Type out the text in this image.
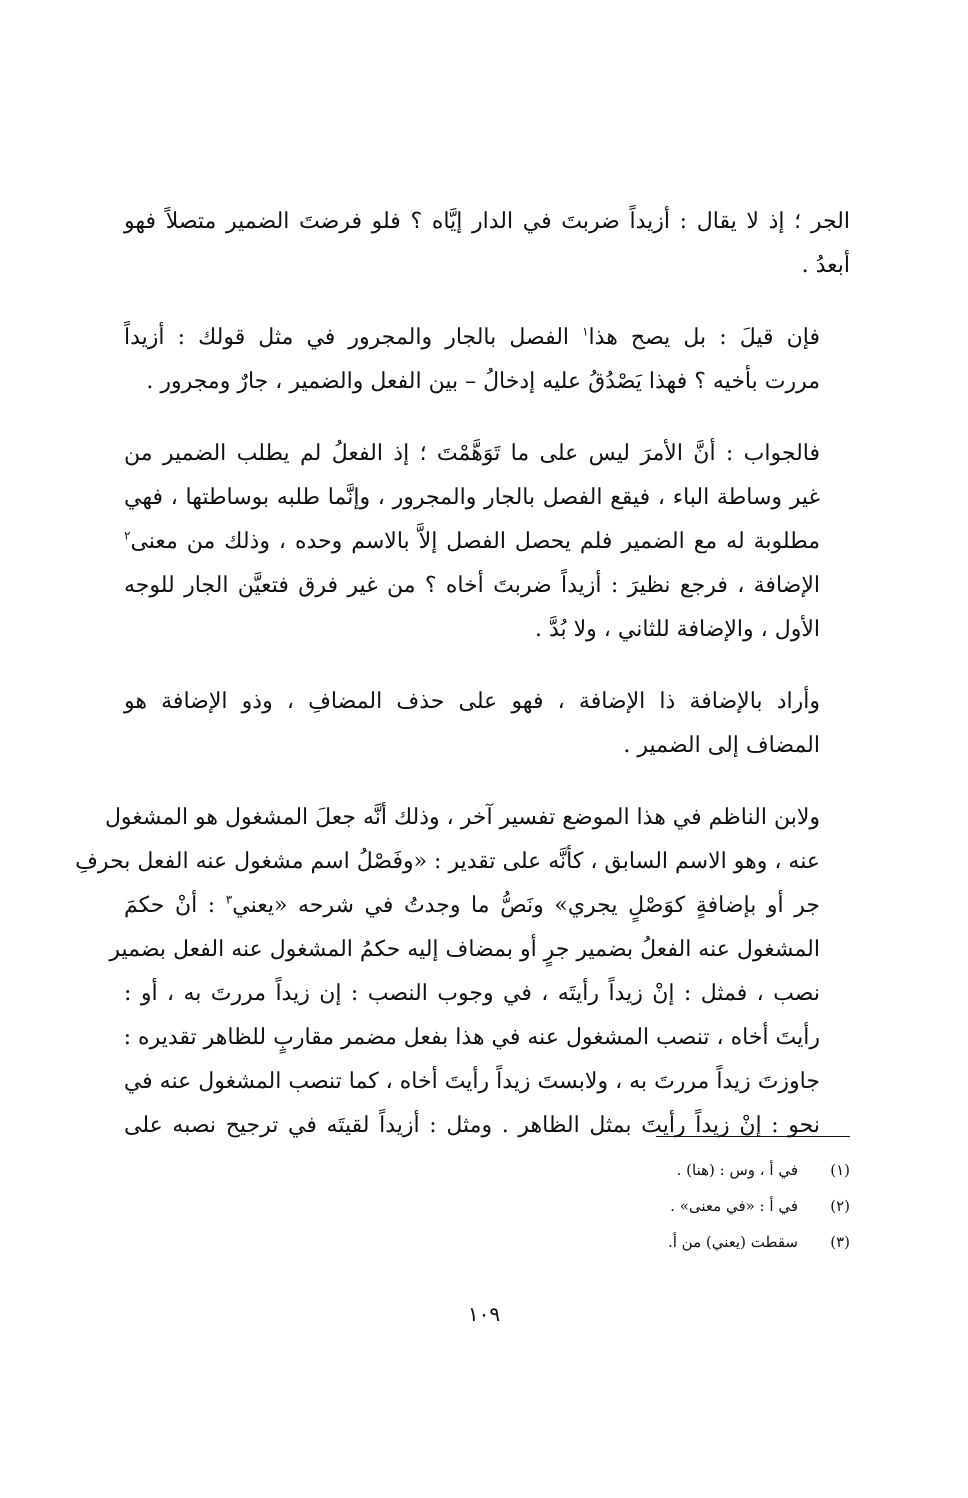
الجر ؛ إذ لا يقال : أزيداً ضربتَ في الدار إيَّاه ؟ فلو فرضتَ الضمير متصلاً فهو
أبعدُ .

فإن قيلَ : بل يصح هذا$^١$ الفصل بالجار والمجرور في مثل قولك : أزيداً
مررت بأخيه ؟ فهذا يَصْدُقُ عليه إدخالُ – بين الفعل والضمير ، جارٌ ومجرور .

فالجواب : أنَّ الأمرَ ليس على ما تَوَهَّمْتَ ؛ إذ الفعلُ لم يطلب الضمير من
غير وساطة الباء ، فيقع الفصل بالجار والمجرور ، وإنَّما طلبه بوساطتها ، فهي
مطلوبة له مع الضمير فلم يحصل الفصل إلاَّ بالاسم وحده ، وذلك من معنى$^٢$
الإضافة ، فرجع نظيرَ : أزيداً ضربتَ أخاه ؟ من غير فرق فتعيَّن الجار للوجه
الأول ، والإضافة للثاني ، ولا بُدَّ .

وأراد بالإضافة ذا الإضافة ، فهو على حذف المضافِ ، وذو الإضافة هو
المضاف إلى الضمير .

ولابن الناظم في هذا الموضع تفسير آخر ، وذلك أنَّه جعلَ المشغول هو المشغول
عنه ، وهو الاسم السابق ، كأنَّه على تقدير : «وفَصْلُ اسم مشغول عنه الفعل بحرفِ
جر أو بإضافةٍ كوَصْلٍ يجري» ونَصُّ ما وجدتُ في شرحه «يعني$^٣$ : أنْ حكمَ
المشغول عنه الفعلُ بضمير جرٍ أو بمضاف إليه حكمُ المشغول عنه الفعل بضمير
نصب ، فمثل : إنْ زيداً رأيتَه ، في وجوب النصب : إن زيداً مررتَ به ، أو :
رأيتَ أخاه ، تنصب المشغول عنه في هذا بفعل مضمر مقاربٍ للظاهر تقديره :
جاوزتَ زيداً مررتَ به ، ولابستَ زيداً رأيتَ أخاه ، كما تنصب المشغول عنه في
نحو : إنْ زيداً رأيتَ بمثل الظاهر . ومثل : أزيداً لقيتَه في ترجيح نصبه على

(١)
في أ ، وس : (هنا) .
(٢)
في أ : «في معنى» .
(٣)
سقطت (يعني) من أ.
١٠٩
